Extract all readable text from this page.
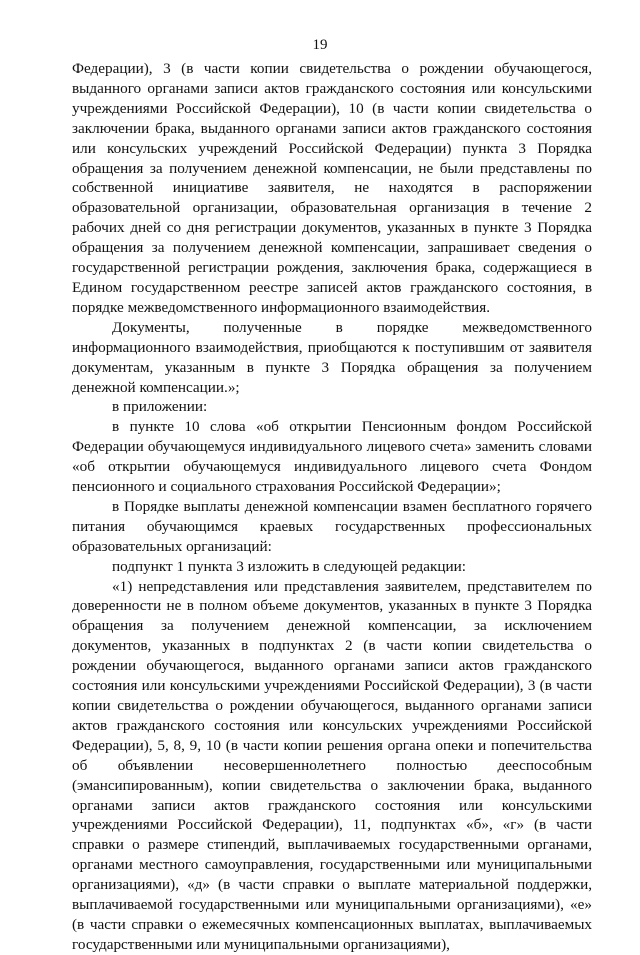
19

Федерации), 3 (в части копии свидетельства о рождении обучающегося, выданного органами записи актов гражданского состояния или консульскими учреждениями Российской Федерации), 10 (в части копии свидетельства о заключении брака, выданного органами записи актов гражданского состояния или консульских учреждений Российской Федерации) пункта 3 Порядка обращения за получением денежной компенсации, не были представлены по собственной инициативе заявителя, не находятся в распоряжении образовательной организации, образовательная организация в течение 2 рабочих дней со дня регистрации документов, указанных в пункте 3 Порядка обращения за получением денежной компенсации, запрашивает сведения о государственной регистрации рождения, заключения брака, содержащиеся в Едином государственном реестре записей актов гражданского состояния, в порядке межведомственного информационного взаимодействия.

Документы, полученные в порядке межведомственного информационного взаимодействия, приобщаются к поступившим от заявителя документам, указанным в пункте 3 Порядка обращения за получением денежной компенсации.»;

в приложении:

в пункте 10 слова «об открытии Пенсионным фондом Российской Федерации обучающемуся индивидуального лицевого счета» заменить словами «об открытии обучающемуся индивидуального лицевого счета Фондом пенсионного и социального страхования Российской Федерации»;

в Порядке выплаты денежной компенсации взамен бесплатного горячего питания обучающимся краевых государственных профессиональных образовательных организаций:

подпункт 1 пункта 3 изложить в следующей редакции:

«1) непредставления или представления заявителем, представителем по доверенности не в полном объеме документов, указанных в пункте 3 Порядка обращения за получением денежной компенсации, за исключением документов, указанных в подпунктах 2 (в части копии свидетельства о рождении обучающегося, выданного органами записи актов гражданского состояния или консульскими учреждениями Российской Федерации), 3 (в части копии свидетельства о рождении обучающегося, выданного органами записи актов гражданского состояния или консульских учреждениями Российской Федерации), 5, 8, 9, 10 (в части копии решения органа опеки и попечительства об объявлении несовершеннолетнего полностью дееспособным (эмансипированным), копии свидетельства о заключении брака, выданного органами записи актов гражданского состояния или консульскими учреждениями Российской Федерации), 11, подпунктах «б», «г» (в части справки о размере стипендий, выплачиваемых государственными органами, органами местного самоуправления, государственными или муниципальными организациями), «д» (в части справки о выплате материальной поддержки, выплачиваемой государственными или муниципальными организациями), «е» (в части справки о ежемесячных компенсационных выплатах, выплачиваемых государственными или муниципальными организациями),
